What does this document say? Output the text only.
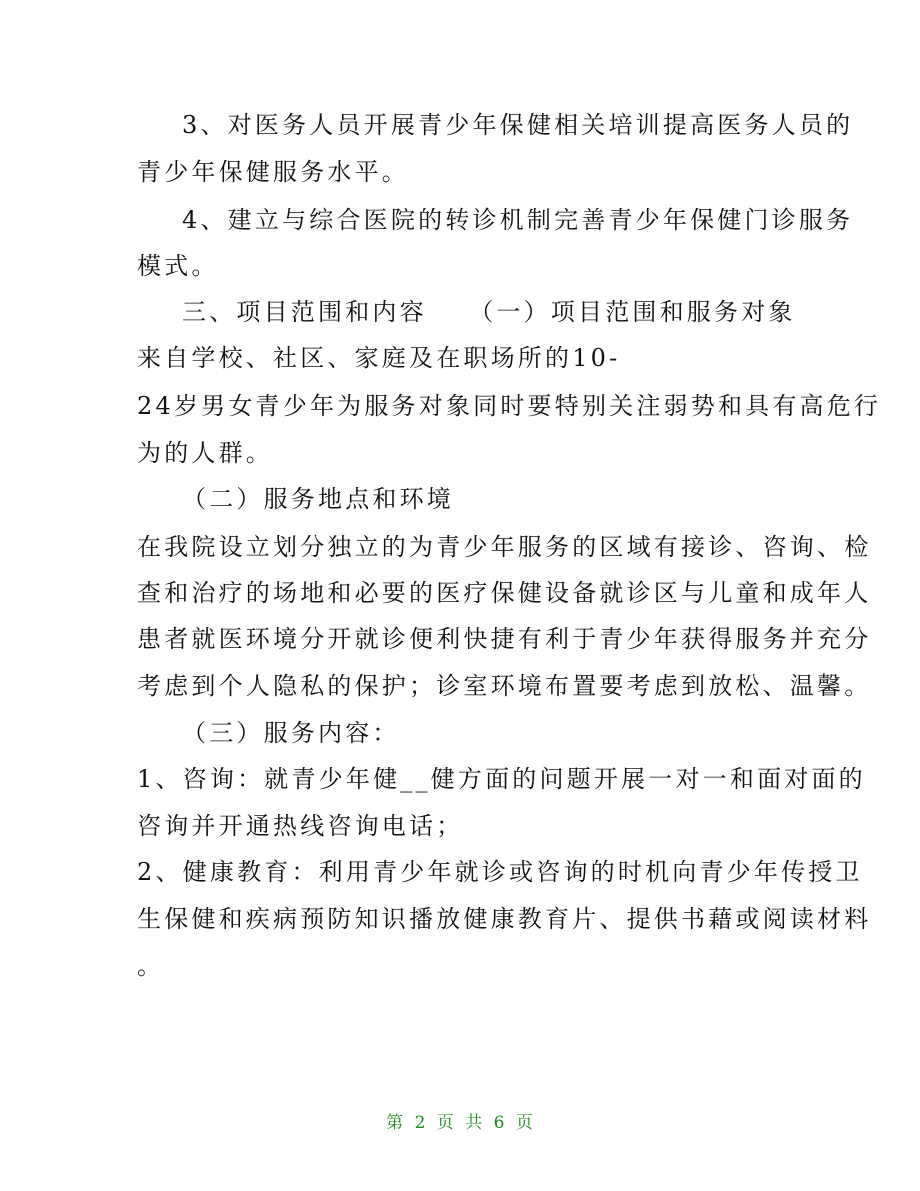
3、对医务人员开展青少年保健相关培训提高医务人员的
青少年保健服务水平。
4、建立与综合医院的转诊机制完善青少年保健门诊服务
模式。
三、项目范围和内容　　（一）项目范围和服务对象
来自学校、社区、家庭及在职场所的10-
24岁男女青少年为服务对象同时要特别关注弱势和具有高危行
为的人群。
（二）服务地点和环境
在我院设立划分独立的为青少年服务的区域有接诊、咨询、检
查和治疗的场地和必要的医疗保健设备就诊区与儿童和成年人
患者就医环境分开就诊便利快捷有利于青少年获得服务并充分
考虑到个人隐私的保护；诊室环境布置要考虑到放松、温馨。
（三）服务内容：
1、咨询：就青少年健__健方面的问题开展一对一和面对面的
咨询并开通热线咨询电话；
2、健康教育：利用青少年就诊或咨询的时机向青少年传授卫
生保健和疾病预防知识播放健康教育片、提供书藉或阅读材料
。
第 2 页 共 6 页
